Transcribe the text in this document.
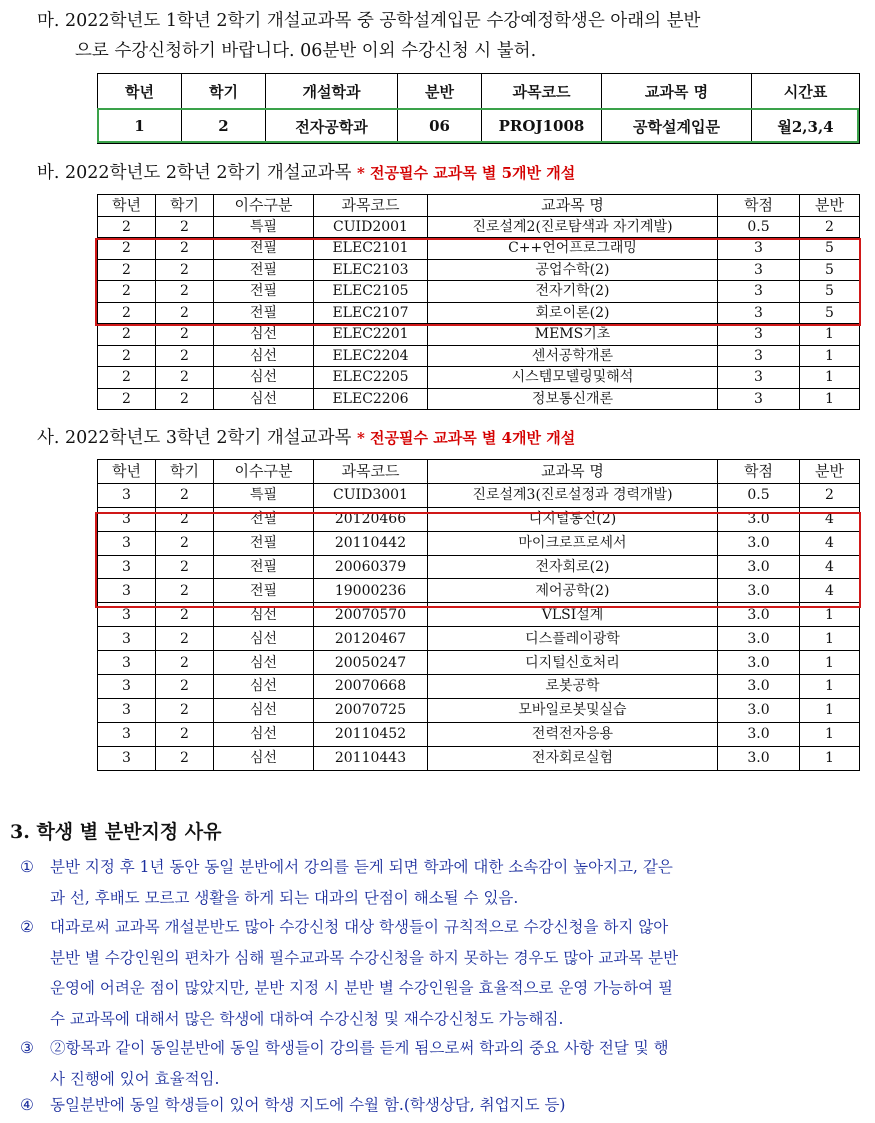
마. 2022학년도 1학년 2학기 개설교과목 중 공학설계입문 수강예정학생은 아래의 분반
으로 수강신청하기 바랍니다. 06분반 이외 수강신청 시 불허.
학년	학기	개설학과	분반	과목코드	교과목 명	시간표
1	2	전자공학과	06	PROJ1008	공학설계입문	월2,3,4
바. 2022학년도 2학년 2학기 개설교과목 * 전공필수 교과목 별 5개반 개설
학년	학기	이수구분	과목코드	교과목 명	학점	분반
2	2	특필	CUID2001	진로설계2(진로탐색과 자기계발)	0.5	2
2	2	전필	ELEC2101	C++언어프로그래밍	3	5
2	2	전필	ELEC2103	공업수학(2)	3	5
2	2	전필	ELEC2105	전자기학(2)	3	5
2	2	전필	ELEC2107	회로이론(2)	3	5
2	2	심선	ELEC2201	MEMS기초	3	1
2	2	심선	ELEC2204	센서공학개론	3	1
2	2	심선	ELEC2205	시스템모델링및해석	3	1
2	2	심선	ELEC2206	정보통신개론	3	1
사. 2022학년도 3학년 2학기 개설교과목 * 전공필수 교과목 별 4개반 개설
학년	학기	이수구분	과목코드	교과목 명	학점	분반
3	2	특필	CUID3001	진로설계3(진로설정과 경력개발)	0.5	2
3	2	전필	20120466	디지털통신(2)	3.0	4
3	2	전필	20110442	마이크로프로세서	3.0	4
3	2	전필	20060379	전자회로(2)	3.0	4
3	2	전필	19000236	제어공학(2)	3.0	4
3	2	심선	20070570	VLSI설계	3.0	1
3	2	심선	20120467	디스플레이광학	3.0	1
3	2	심선	20050247	디지털신호처리	3.0	1
3	2	심선	20070668	로봇공학	3.0	1
3	2	심선	20070725	모바일로봇및실습	3.0	1
3	2	심선	20110452	전력전자응용	3.0	1
3	2	심선	20110443	전자회로실험	3.0	1
3. 학생 별 분반지정 사유
①	분반 지정 후 1년 동안 동일 분반에서 강의를 듣게 되면 학과에 대한 소속감이 높아지고, 같은
과 선, 후배도 모르고 생활을 하게 되는 대과의 단점이 해소될 수 있음.
②	대과로써 교과목 개설분반도 많아 수강신청 대상 학생들이 규칙적으로 수강신청을 하지 않아
분반 별 수강인원의 편차가 심해 필수교과목 수강신청을 하지 못하는 경우도 많아 교과목 분반
운영에 어려운 점이 많았지만, 분반 지정 시 분반 별 수강인원을 효율적으로 운영 가능하여 필
수 교과목에 대해서 많은 학생에 대하여 수강신청 및 재수강신청도 가능해짐.
③	②항목과 같이 동일분반에 동일 학생들이 강의를 듣게 됨으로써 학과의 중요 사항 전달 및 행
사 진행에 있어 효율적임.
④	동일분반에 동일 학생들이 있어 학생 지도에 수월 함.(학생상담, 취업지도 등)
